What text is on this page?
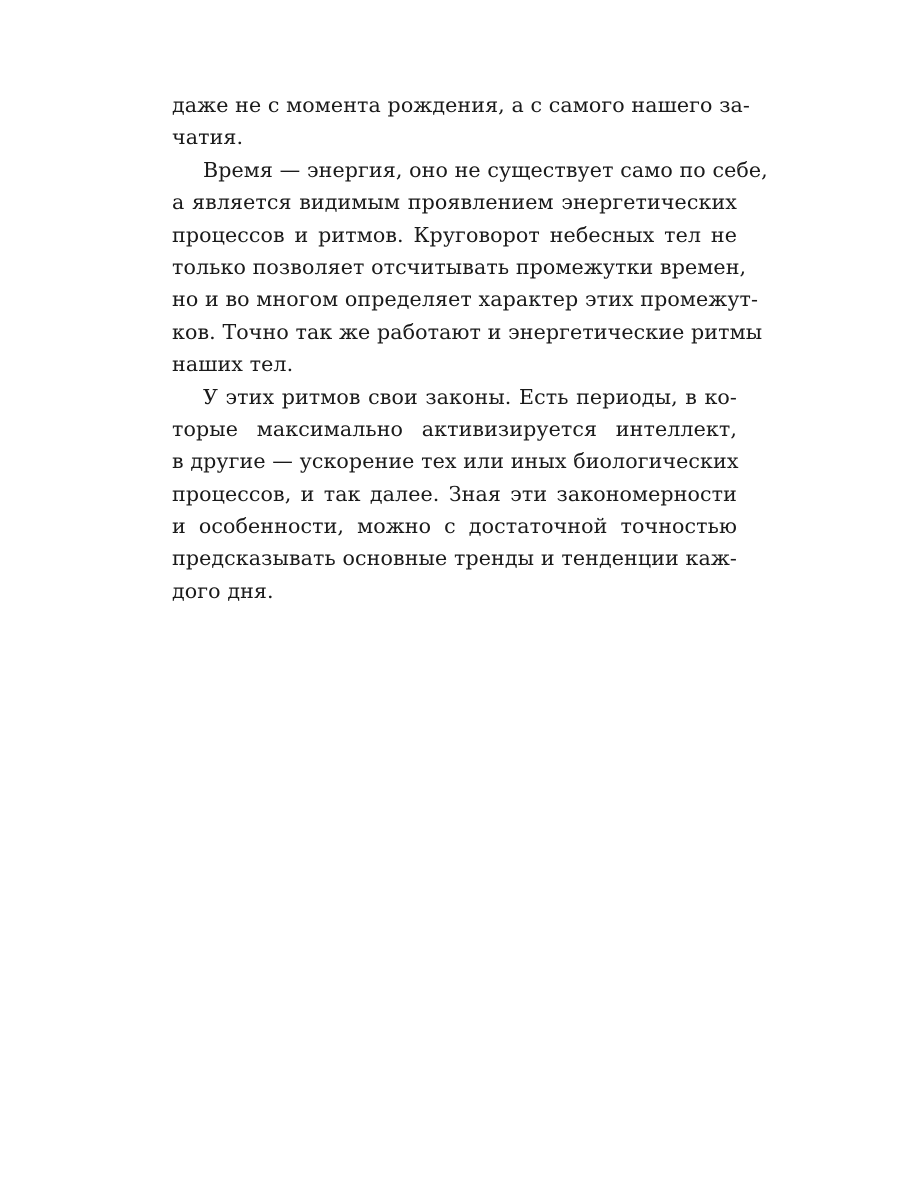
даже не с момента рождения, а с самого нашего за-
чатия.
Время — энергия, оно не существует само по себе,
а является видимым проявлением энергетических
процессов и ритмов. Круговорот небесных тел не
только позволяет отсчитывать промежутки времен,
но и во многом определяет характер этих промежут-
ков. Точно так же работают и энергетические ритмы
наших тел.
У этих ритмов свои законы. Есть периоды, в ко-
торые максимально активизируется интеллект,
в другие — ускорение тех или иных биологических
процессов, и так далее. Зная эти закономерности
и особенности, можно с достаточной точностью
предсказывать основные тренды и тенденции каж-
дого дня.
